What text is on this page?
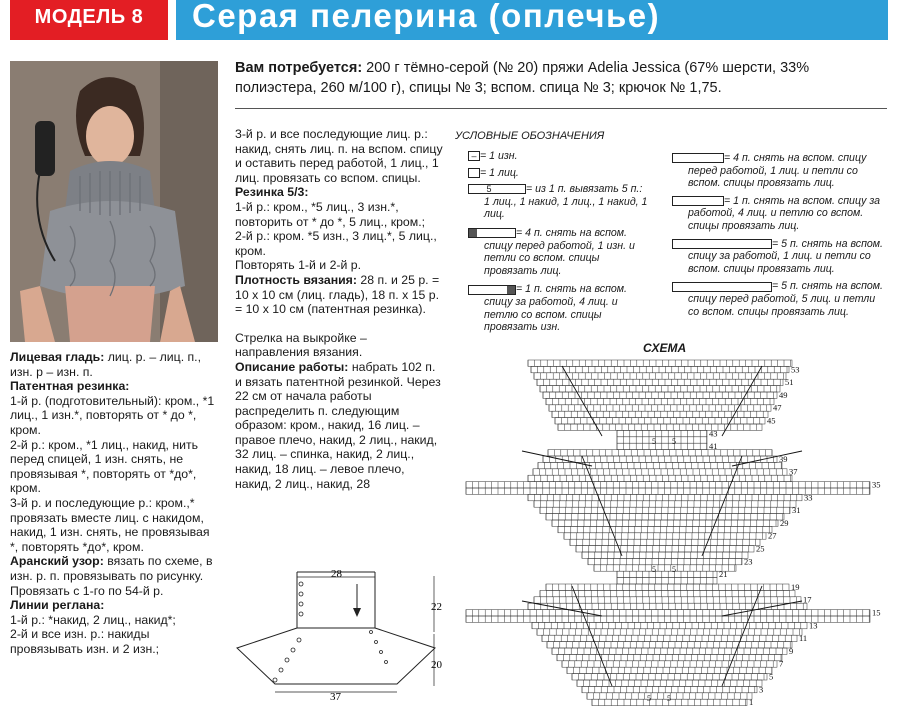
МОДЕЛЬ 8	Серая пелерина (оплечье)
Вам потребуется: 200 г тёмно-серой (№ 20) пряжи Adelia Jessica (67% шерсти, 33% полиэстера, 260 м/100 г), спицы № 3; вспом. спица № 3; крючок № 1,75.

Лицевая гладь: лиц. р. – лиц. п., изн. р – изн. п.

Патентная резинка:

1-й р. (подготовительный): кром., *1 лиц., 1 изн.*, повторять от * до *, кром.

2-й р.: кром., *1 лиц., накид, нить перед спицей, 1 изн. снять, не провязывая *, повторять от *до*, кром.

3-й р. и последующие р.: кром.,* провязать вместе лиц. с накидом, накид, 1 изн. снять, не провязывая *, повторять *до*, кром.

Аранский узор: вязать по схеме, в изн. р. п. провязывать по рисунку. Провязать с 1-го по 54-й р.

Линии реглана:

1-й р.: *накид, 2 лиц., накид*;

2-й и все изн. р.: накиды провязывать изн. и 2 изн.;

3-й р. и все последующие лиц. р.: накид, снять лиц. п. на вспом. спицу и оставить перед работой, 1 лиц., 1 лиц. провязать со вспом. спицы.

Резинка 5/3:

1-й р.: кром., *5 лиц., 3 изн.*, повторить от * до *, 5 лиц., кром.;

2-й р.: кром. *5 изн., 3 лиц.*, 5 лиц., кром.

Повторять 1-й и 2-й р.

Плотность вязания: 28 п. и 25 р. = 10 х 10 см (лиц. гладь), 18 п. х 15 р. = 10 х 10 см (патентная резинка).

Стрелка на выкройке – направления вязания.

Описание работы: набрать 102 п. и вязать патентной резинкой. Через 22 см от начала работы распределить п. следующим образом: кром., накид, 16 лиц. – правое плечо, накид, 2 лиц., накид, 32 лиц. – спинка, накид, 2 лиц., накид, 18 лиц. – левое плечо, накид, 2 лиц., накид, 28

28
37
20
22
УСЛОВНЫЕ ОБОЗНАЧЕНИЯ
– = 1 изн.
= 1 лиц.
5	= из 1 п. вывязать 5 п.: 1 лиц., 1 накид, 1 лиц., 1 накид, 1 лиц.
= 4 п. снять на вспом. спицу перед работой, 1 изн. и петли со вспом. спицы провязать лиц.
= 1 п. снять на вспом. спицу за работой, 4 лиц. и петлю со вспом. спицы провязать изн.
= 4 п. снять на вспом. спицу перед работой, 1 лиц. и петли со вспом. спицы провязать лиц.
= 1 п. снять на вспом. спицу за работой, 4 лиц. и петлю со вспом. спицы провязать лиц.
= 5 п. снять на вспом. спицу за работой, 1 лиц. и петли со вспом. спицы провязать лиц.
= 5 п. снять на вспом. спицу перед работой, 5 лиц. и петли со вспом. спицы провязать лиц.
СХЕМА
53
51
49
47
45
43
41
39
37
35
33
31
29
27
25
23
21
19
17
15
13
11
9
7
5
3
1
5 5
5 5
5 5
